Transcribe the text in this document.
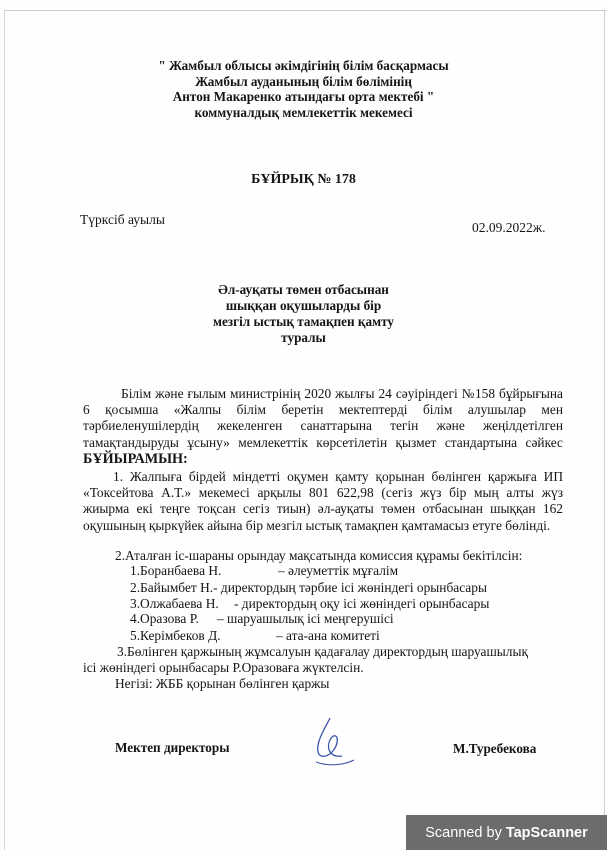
" Жамбыл облысы әкімдігінің білім басқармасы
Жамбыл ауданының білім бөлімінің
Антон Макаренко атындағы орта мектебі "
коммуналдық мемлекеттік мекемесі
БҰЙРЫҚ № 178
Түрксіб ауылы
02.09.2022ж.
Әл-ауқаты төмен отбасынан
шыққан оқушыларды бір
мезгіл ыстық тамақпен қамту
туралы
Білім және ғылым министрінің 2020 жылғы 24 сәуіріндегі №158 бұйрығына 6 қосымша «Жалпы білім беретін мектептерді білім алушылар мен тәрбиеленушілердің жекеленген санаттарына тегін және жеңілдетілген тамақтандыруды ұсыну» мемлекеттік көрсетілетін қызмет стандартына сәйкес БҰЙЫРАМЫН:
1. Жалпыға бірдей міндетті оқумен қамту қорынан бөлінген қаржыға ИП «Токсейтова А.Т.» мекемесі арқылы 801 622,98 (сегіз жүз бір мың алты жүз жиырма екі теңге тоқсан сегіз тиын) әл-ауқаты төмен отбасынан шыққан 162 оқушының қыркүйек айына бір мезгіл ыстық тамақпен қамтамасыз етуге бөлінді.
2.Аталған іс-шараны орындау мақсатында комиссия құрамы бекітілсін:
1.Боранбаева Н.	– әлеуметтік мұғалім
2.Байымбет Н.- директордың тәрбие ісі жөніндегі орынбасары
3.Олжабаева Н. - директордың оқу ісі жөніндегі орынбасары
4.Оразова Р. – шаруашылық ісі меңгерушісі
5.Керімбеков Д.	– ата-ана комитеті
3.Бөлінген қаржының жұмсалуын қадағалау директордың шаруашылық
ісі жөніндегі орынбасары Р.Оразоваға жүктелсін.
Негізі: ЖББ қорынан бөлінген қаржы
Мектеп директоры	М.Туребекова
Scanned by TapScanner
